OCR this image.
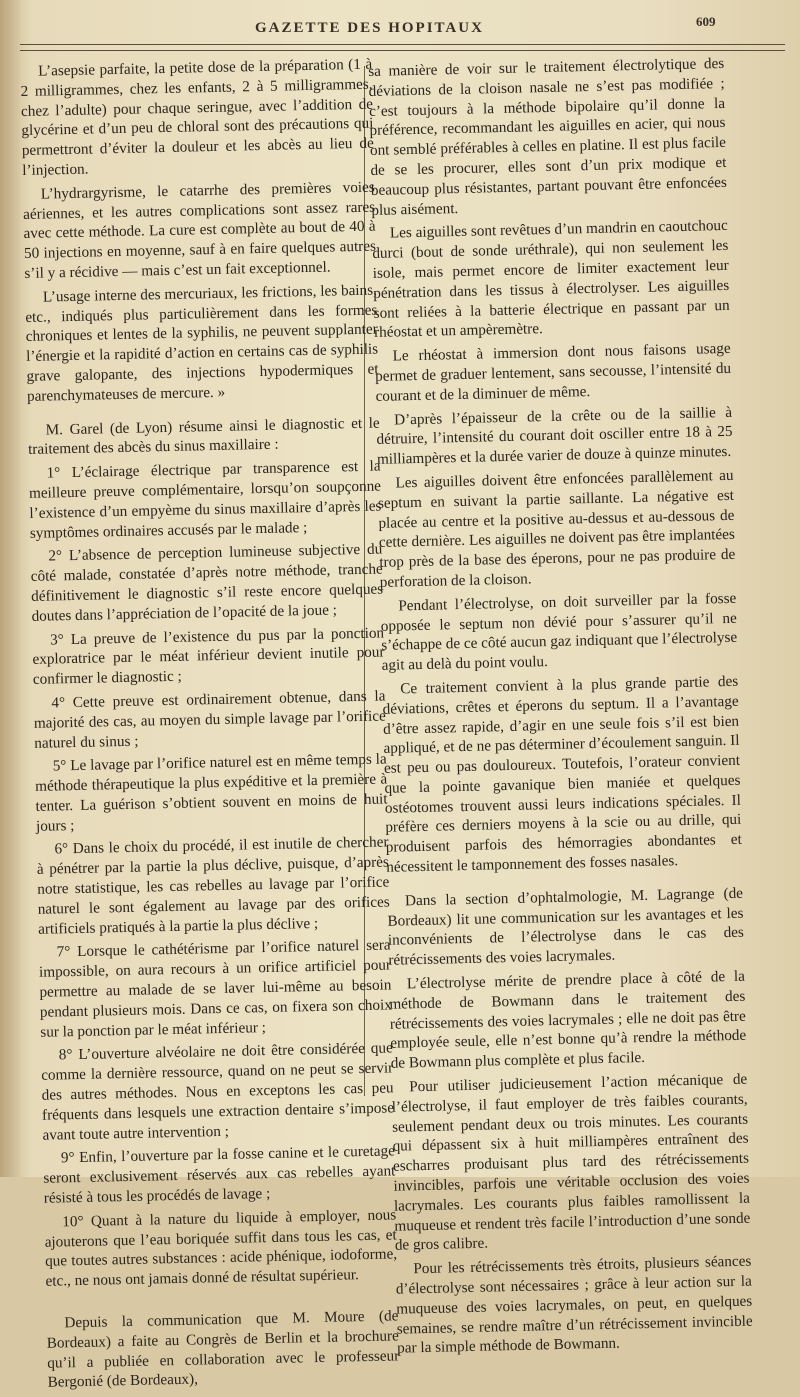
GAZETTE DES HOPITAUX	609

L’asepsie parfaite, la petite dose de la préparation (1 à 2 milligrammes, chez les enfants, 2 à 5 milligrammes, chez l’adulte) pour chaque seringue, avec l’addition de glycérine et d’un peu de chloral sont des précautions qui permettront d’éviter la douleur et les abcès au lieu de l’injection.

L’hydrargyrisme, le catarrhe des premières voies aériennes, et les autres complications sont assez rares avec cette méthode. La cure est complète au bout de 40 à 50 injections en moyenne, sauf à en faire quelques autres s’il y a récidive — mais c’est un fait exceptionnel.

L’usage interne des mercuriaux, les frictions, les bains, etc., indiqués plus particulièrement dans les formes chroniques et lentes de la syphilis, ne peuvent supplanter l’énergie et la rapidité d’action en certains cas de syphilis grave galopante, des injections hypodermiques et parenchymateuses de mercure. »

M. Garel (de Lyon) résume ainsi le diagnostic et le traitement des abcès du sinus maxillaire :

1° L’éclairage électrique par transparence est la meilleure preuve complémentaire, lorsqu’on soupçonne l’existence d’un empyème du sinus maxillaire d’après les symptômes ordinaires accusés par le malade ;

2° L’absence de perception lumineuse subjective du côté malade, constatée d’après notre méthode, tranche définitivement le diagnostic s’il reste encore quelques doutes dans l’appréciation de l’opacité de la joue ;

3° La preuve de l’existence du pus par la ponction exploratrice par le méat inférieur devient inutile pour confirmer le diagnostic ;

4° Cette preuve est ordinairement obtenue, dans la majorité des cas, au moyen du simple lavage par l’orifice naturel du sinus ;

5° Le lavage par l’orifice naturel est en même temps la méthode thérapeutique la plus expéditive et la première à tenter. La guérison s’obtient souvent en moins de huit jours ;

6° Dans le choix du procédé, il est inutile de chercher à pénétrer par la partie la plus déclive, puisque, d’après notre statistique, les cas rebelles au lavage par l’orifice naturel le sont également au lavage par des orifices artificiels pratiqués à la partie la plus déclive ;

7° Lorsque le cathétérisme par l’orifice naturel sera impossible, on aura recours à un orifice artificiel pour permettre au malade de se laver lui-même au besoin pendant plusieurs mois. Dans ce cas, on fixera son choix sur la ponction par le méat inférieur ;

8° L’ouverture alvéolaire ne doit être considérée que comme la dernière ressource, quand on ne peut se servir des autres méthodes. Nous en exceptons les cas peu fréquents dans lesquels une extraction dentaire s’impose avant toute autre intervention ;

9° Enfin, l’ouverture par la fosse canine et le curetage seront exclusivement réservés aux cas rebelles ayant résisté à tous les procédés de lavage ;

10° Quant à la nature du liquide à employer, nous ajouterons que l’eau boriquée suffit dans tous les cas, et que toutes autres substances : acide phénique, iodoforme, etc., ne nous ont jamais donné de résultat supérieur.

Depuis la communication que M. Moure (de Bordeaux) a faite au Congrès de Berlin et la brochure qu’il a publiée en collaboration avec le professeur Bergonié (de Bordeaux),

sa manière de voir sur le traitement électrolytique des déviations de la cloison nasale ne s’est pas modifiée ; c’est toujours à la méthode bipolaire qu’il donne la préférence, recommandant les aiguilles en acier, qui nous ont semblé préférables à celles en platine. Il est plus facile de se les procurer, elles sont d’un prix modique et beaucoup plus résistantes, partant pouvant être enfoncées plus aisément.

Les aiguilles sont revêtues d’un mandrin en caoutchouc durci (bout de sonde uréthrale), qui non seulement les isole, mais permet encore de limiter exactement leur pénétration dans les tissus à électrolyser. Les aiguilles sont reliées à la batterie électrique en passant par un rhéostat et un ampèremètre.

Le rhéostat à immersion dont nous faisons usage permet de graduer lentement, sans secousse, l’intensité du courant et de la diminuer de même.

D’après l’épaisseur de la crête ou de la saillie à détruire, l’intensité du courant doit osciller entre 18 à 25 milliampères et la durée varier de douze à quinze minutes.

Les aiguilles doivent être enfoncées parallèlement au septum en suivant la partie saillante. La négative est placée au centre et la positive au-dessus et au-dessous de cette dernière. Les aiguilles ne doivent pas être implantées trop près de la base des éperons, pour ne pas produire de perforation de la cloison.

Pendant l’électrolyse, on doit surveiller par la fosse opposée le septum non dévié pour s’assurer qu’il ne s’échappe de ce côté aucun gaz indiquant que l’électrolyse agit au delà du point voulu.

Ce traitement convient à la plus grande partie des déviations, crêtes et éperons du septum. Il a l’avantage d’être assez rapide, d’agir en une seule fois s’il est bien appliqué, et de ne pas déterminer d’écoulement sanguin. Il est peu ou pas douloureux. Toutefois, l’orateur convient que la pointe gavanique bien maniée et quelques ostéotomes trouvent aussi leurs indications spéciales. Il préfère ces derniers moyens à la scie ou au drille, qui produisent parfois des hémorragies abondantes et nécessitent le tamponnement des fosses nasales.

Dans la section d’ophtalmologie, M. Lagrange (de Bordeaux) lit une communication sur les avantages et les inconvénients de l’électrolyse dans le cas des rétrécissements des voies lacrymales.

L’électrolyse mérite de prendre place à côté de la méthode de Bowmann dans le traitement des rétrécissements des voies lacrymales ; elle ne doit pas être employée seule, elle n’est bonne qu’à rendre la méthode de Bowmann plus complète et plus facile.

Pour utiliser judicieusement l’action mécanique de l’électrolyse, il faut employer de très faibles courants, seulement pendant deux ou trois minutes. Les courants qui dépassent six à huit milliampères entraînent des escharres produisant plus tard des rétrécissements invincibles, parfois une véritable occlusion des voies lacrymales. Les courants plus faibles ramollissent la muqueuse et rendent très facile l’introduction d’une sonde de gros calibre.

Pour les rétrécissements très étroits, plusieurs séances d’électrolyse sont nécessaires ; grâce à leur action sur la muqueuse des voies lacrymales, on peut, en quelques semaines, se rendre maître d’un rétrécissement invincible par la simple méthode de Bowmann.
